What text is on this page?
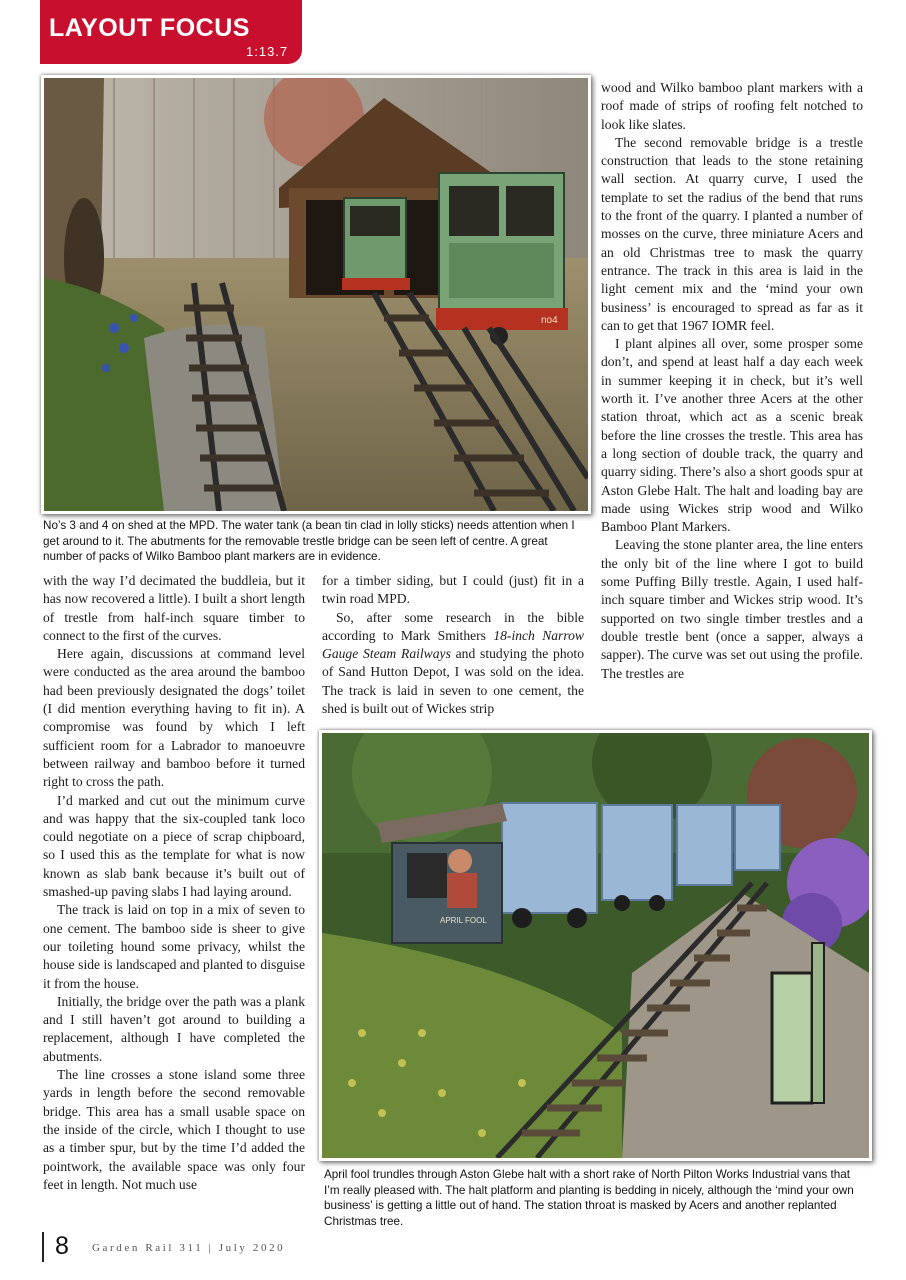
LAYOUT FOCUS
1:13.7
no4
No’s 3 and 4 on shed at the MPD. The water tank (a bean tin clad in lolly sticks) needs attention when I get around to it. The abutments for the removable trestle bridge can be seen left of centre. A great number of packs of Wilko Bamboo plant markers are in evidence.

with the way I’d decimated the buddleia, but it has now recovered a little). I built a short length of trestle from half-inch square timber to connect to the first of the curves.

Here again, discussions at command level were conducted as the area around the bamboo had been previously designated the dogs’ toilet (I did mention everything having to fit in). A compromise was found by which I left sufficient room for a Labrador to manoeuvre between railway and bamboo before it turned right to cross the path.

I’d marked and cut out the minimum curve and was happy that the six-coupled tank loco could negotiate on a piece of scrap chipboard, so I used this as the template for what is now known as slab bank because it’s built out of smashed-up paving slabs I had laying around.

The track is laid on top in a mix of seven to one cement. The bamboo side is sheer to give our toileting hound some privacy, whilst the house side is landscaped and planted to disguise it from the house.

Initially, the bridge over the path was a plank and I still haven’t got around to building a replacement, although I have completed the abutments.

The line crosses a stone island some three yards in length before the second removable bridge. This area has a small usable space on the inside of the circle, which I thought to use as a timber spur, but by the time I’d added the pointwork, the available space was only four feet in length. Not much use

for a timber siding, but I could (just) fit in a twin road MPD.

So, after some research in the bible according to Mark Smithers 18-inch Narrow Gauge Steam Railways and studying the photo of Sand Hutton Depot, I was sold on the idea. The track is laid in seven to one cement, the shed is built out of Wickes strip

wood and Wilko bamboo plant markers with a roof made of strips of roofing felt notched to look like slates.

The second removable bridge is a trestle construction that leads to the stone retaining wall section. At quarry curve, I used the template to set the radius of the bend that runs to the front of the quarry. I planted a number of mosses on the curve, three miniature Acers and an old Christmas tree to mask the quarry entrance. The track in this area is laid in the light cement mix and the ‘mind your own business’ is encouraged to spread as far as it can to get that 1967 IOMR feel.

I plant alpines all over, some prosper some don’t, and spend at least half a day each week in summer keeping it in check, but it’s well worth it. I’ve another three Acers at the other station throat, which act as a scenic break before the line crosses the trestle. This area has a long section of double track, the quarry and quarry siding. There’s also a short goods spur at Aston Glebe Halt. The halt and loading bay are made using Wickes strip wood and Wilko Bamboo Plant Markers.

Leaving the stone planter area, the line enters the only bit of the line where I got to build some Puffing Billy trestle. Again, I used half-inch square timber and Wickes strip wood. It’s supported on two single timber trestles and a double trestle bent (once a sapper, always a sapper). The curve was set out using the profile. The trestles are

APRIL FOOL
April fool trundles through Aston Glebe halt with a short rake of North Pilton Works Industrial vans that I’m really pleased with. The halt platform and planting is bedding in nicely, although the ‘mind your own business’ is getting a little out of hand. The station throat is masked by Acers and another replanted Christmas tree.
8 Garden Rail 311 | July 2020
